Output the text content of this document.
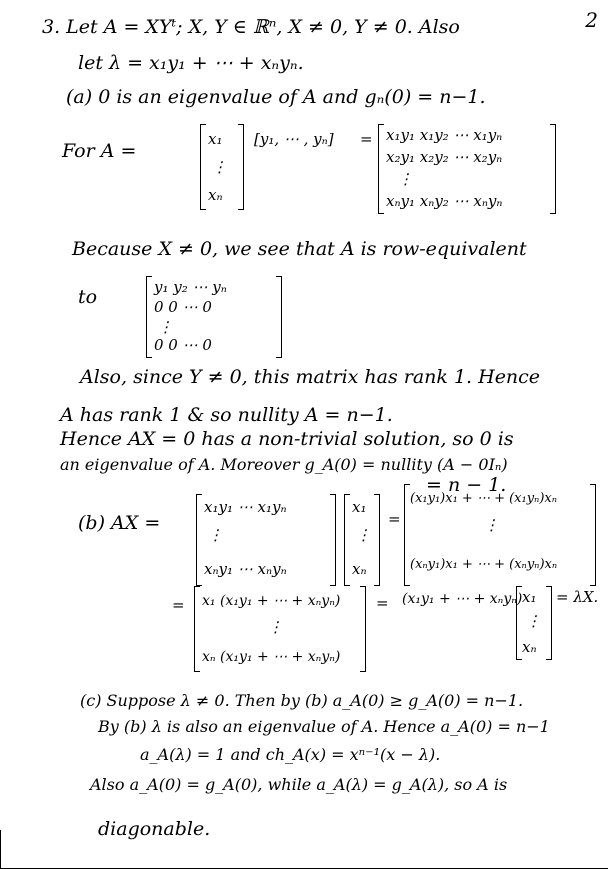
2
3. Let A = XYᵗ; X, Y ∈ ℝⁿ, X ≠ 0, Y ≠ 0. Also
let λ = x₁y₁ + ⋯ + xₙyₙ.
(a) 0 is an eigenvalue of A and gₙ(0) = n−1.
For A =
x₁
⋮
xₙ
[y₁, ⋯ , yₙ] = x₁y₁ x₁y₂ ⋯ x₁yₙ
x₂y₁ x₂y₂ ⋯ x₂yₙ
⋮
xₙy₁ xₙy₂ ⋯ xₙyₙ
Because X ≠ 0, we see that A is row-equivalent
to	y₁ y₂ ⋯ yₙ
0 0 ⋯ 0
⋮
0 0 ⋯ 0
Also, since Y ≠ 0, this matrix has rank 1. Hence
A has rank 1 & so nullity A = n−1.
Hence AX = 0 has a non-trivial solution, so 0 is
an eigenvalue of A. Moreover g_A(0) = nullity (A − 0Iₙ)
= n − 1.
(b) AX =
x₁y₁ ⋯ x₁yₙ
⋮
xₙy₁ ⋯ xₙyₙ
x₁
⋮
xₙ
=
(x₁y₁)x₁ + ⋯ + (x₁yₙ)xₙ
⋮
(xₙy₁)x₁ + ⋯ + (xₙyₙ)xₙ
= x₁ (x₁y₁ + ⋯ + xₙyₙ)
⋮
xₙ (x₁y₁ + ⋯ + xₙyₙ)
= (x₁y₁ + ⋯ + xₙyₙ) x₁
⋮
xₙ
= λX.
(c) Suppose λ ≠ 0. Then by (b) a_A(0) ≥ g_A(0) = n−1.
By (b) λ is also an eigenvalue of A. Hence a_A(0) = n−1
a_A(λ) = 1 and ch_A(x) = xⁿ⁻¹(x − λ).
Also a_A(0) = g_A(0), while a_A(λ) = g_A(λ), so A is
diagonable.
